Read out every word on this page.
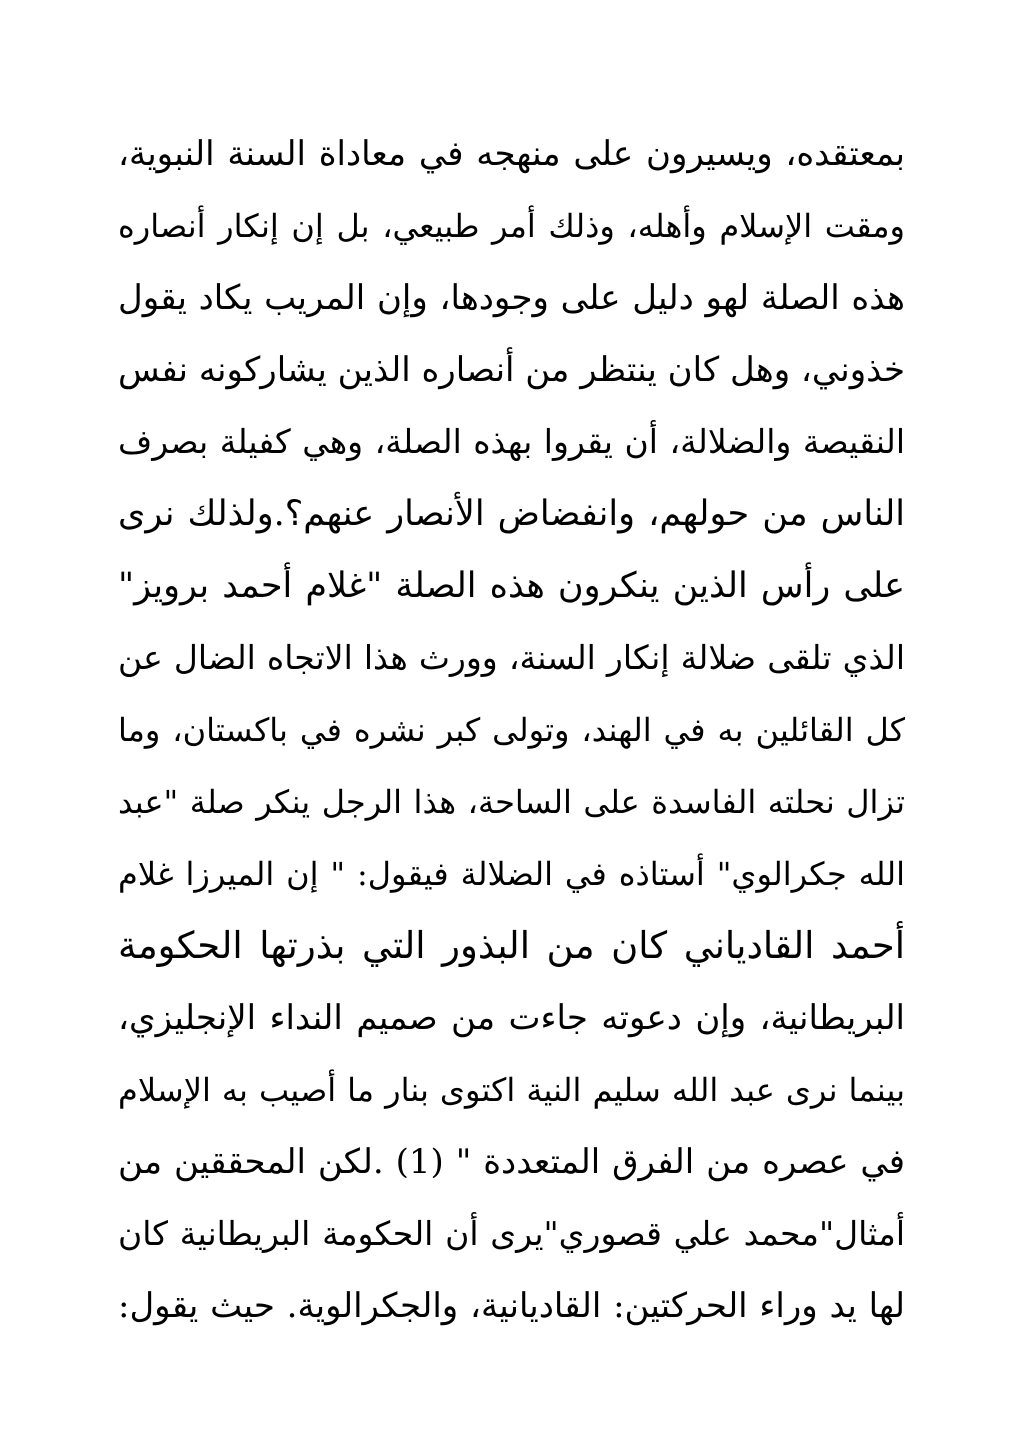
بمعتقده، ويسيرون على منهجه في معاداة السنة النبوية،
ومقت الإسلام وأهله، وذلك أمر طبيعي، بل إن إنكار أنصاره
هذه الصلة لهو دليل على وجودها، وإن المريب يكاد يقول
خذوني، وهل كان ينتظر من أنصاره الذين يشاركونه نفس
النقيصة والضلالة، أن يقروا بهذه الصلة، وهي كفيلة بصرف
الناس من حولهم، وانفضاض الأنصار عنهم؟.ولذلك نرى
على رأس الذين ينكرون هذه الصلة "غلام أحمد برويز"
الذي تلقى ضلالة إنكار السنة، وورث هذا الاتجاه الضال عن
كل القائلين به في الهند، وتولى كبر نشره في باكستان، وما
تزال نحلته الفاسدة على الساحة، هذا الرجل ينكر صلة "عبد
الله جكرالوي" أستاذه في الضلالة فيقول: " إن الميرزا غلام
أحمد القادياني كان من البذور التي بذرتها الحكومة
البريطانية، وإن دعوته جاءت من صميم النداء الإنجليزي،
بينما نرى عبد الله سليم النية اكتوى بنار ما أصيب به الإسلام
في عصره من الفرق المتعددة " (1) .لكن المحققين من
أمثال"محمد علي قصوري"يرى أن الحكومة البريطانية كان
لها يد وراء الحركتين: القاديانية، والجكرالوية. حيث يقول:
